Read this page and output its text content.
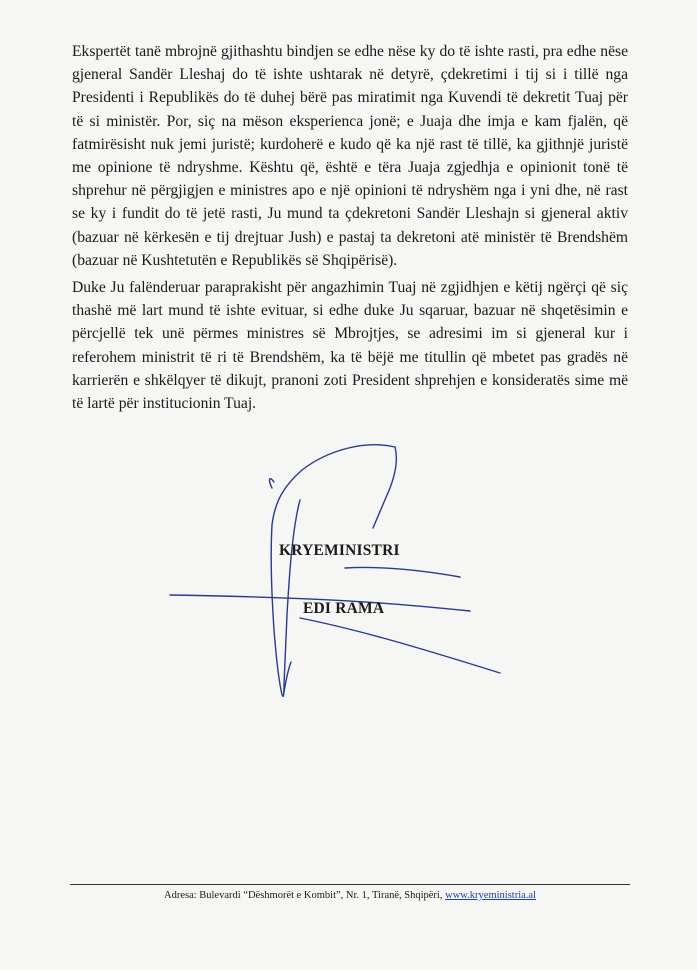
Ekspertët tanë mbrojnë gjithashtu bindjen se edhe nëse ky do të ishte rasti, pra edhe nëse gjeneral Sandër Lleshaj do të ishte ushtarak në detyrë, çdekretimi i tij si i tillë nga Presidenti i Republikës do të duhej bërë pas miratimit nga Kuvendi të dekretit Tuaj për të si ministër. Por, siç na mëson eksperienca jonë; e Juaja dhe imja e kam fjalën, që fatmirësisht nuk jemi juristë; kurdoherë e kudo që ka një rast të tillë, ka gjithnjë juristë me opinione të ndryshme. Kështu që, është e tëra Juaja zgjedhja e opinionit tonë të shprehur në përgjigjen e ministres apo e një opinioni të ndryshëm nga i yni dhe, në rast se ky i fundit do të jetë rasti, Ju mund ta çdekretoni Sandër Lleshajn si gjeneral aktiv (bazuar në kërkesën e tij drejtuar Jush) e pastaj ta dekretoni atë ministër të Brendshëm (bazuar në Kushtetutën e Republikës së Shqipërisë).

Duke Ju falënderuar paraprakisht për angazhimin Tuaj në zgjidhjen e këtij ngërçi që siç thashë më lart mund të ishte evituar, si edhe duke Ju sqaruar, bazuar në shqetësimin e përcjellë tek unë përmes ministres së Mbrojtjes, se adresimi im si gjeneral kur i referohem ministrit të ri të Brendshëm, ka të bëjë me titullin që mbetet pas gradës në karrierën e shkëlqyer të dikujt, pranoni zoti President shprehjen e konsideratës sime më të lartë për institucionin Tuaj.

KRYEMINISTRI
EDI RAMA
Adresa: Bulevardi “Dëshmorët e Kombit”, Nr. 1, Tiranë, Shqipëri, www.kryeministria.al
